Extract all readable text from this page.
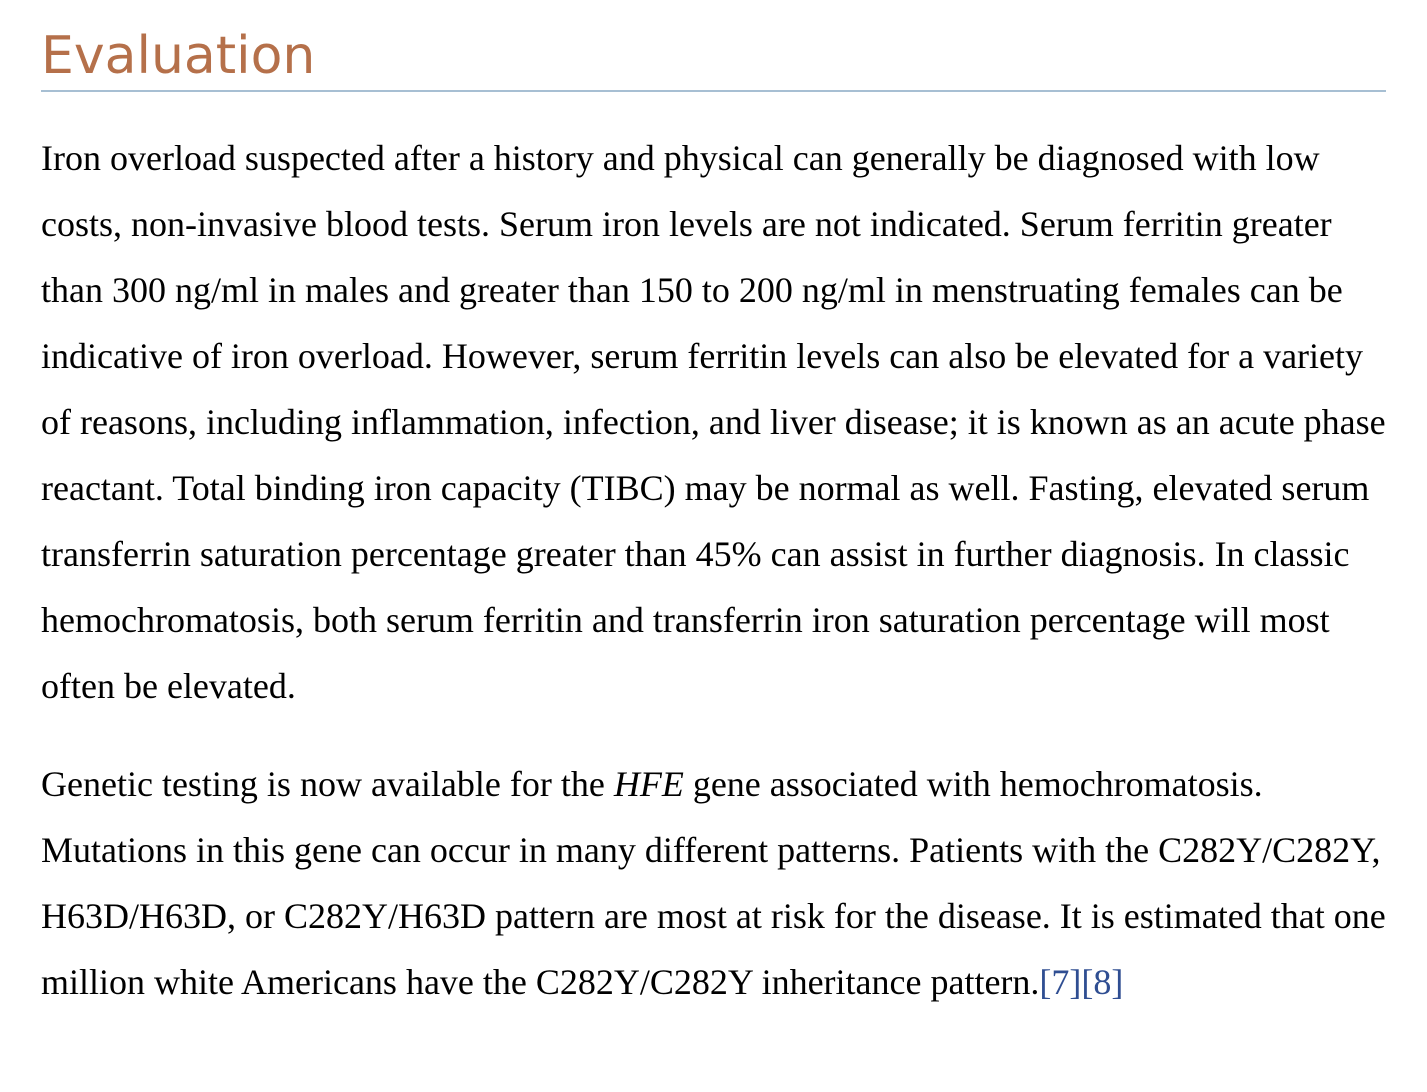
Evaluation

Iron overload suspected after a history and physical can generally be diagnosed with low costs, non-invasive blood tests. Serum iron levels are not indicated. Serum ferritin greater than 300 ng/ml in males and greater than 150 to 200 ng/ml in menstruating females can be indicative of iron overload. However, serum ferritin levels can also be elevated for a variety of reasons, including inflammation, infection, and liver disease; it is known as an acute phase reactant. Total binding iron capacity (TIBC) may be normal as well. Fasting, elevated serum transferrin saturation percentage greater than 45% can assist in further diagnosis. In classic hemochromatosis, both serum ferritin and transferrin iron saturation percentage will most often be elevated.

Genetic testing is now available for the HFE gene associated with hemochromatosis. Mutations in this gene can occur in many different patterns. Patients with the C282Y/C282Y, H63D/H63D, or C282Y/H63D pattern are most at risk for the disease. It is estimated that one million white Americans have the C282Y/C282Y inheritance pattern.[7][8]
